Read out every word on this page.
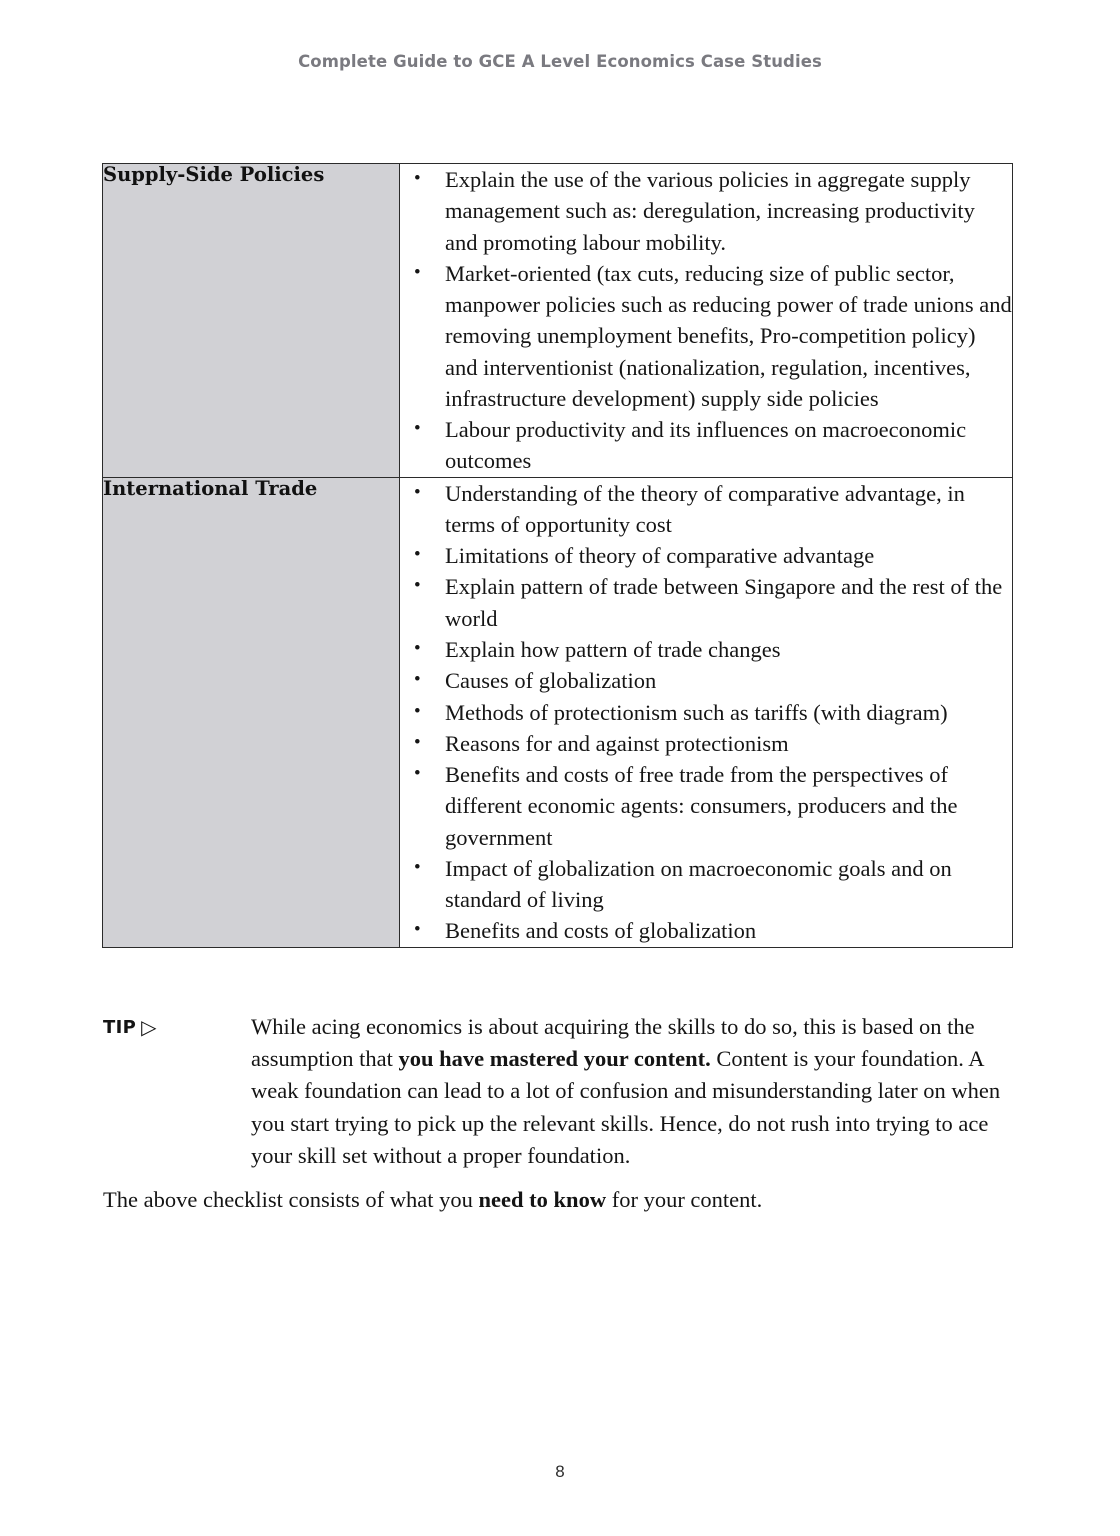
Complete Guide to GCE A Level Economics Case Studies
Supply-Side Policies

•Explain the use of the various policies in aggregate supply management such as: deregulation, increasing productivity and promoting labour mobility.
• Market-oriented (tax cuts, reducing size of public sector, manpower policies such as reducing power of trade unions and removing unemployment benefits, Pro-competition policy) and interventionist (nationalization, regulation, incentives, infrastructure development) supply side policies
• Labour productivity and its influences on macroeconomic outcomes

International Trade

•Understanding of the theory of comparative advantage, in terms of opportunity cost
• Limitations of theory of comparative advantage
• Explain pattern of trade between Singapore and the rest of the world
• Explain how pattern of trade changes
• Causes of globalization
• Methods of protectionism such as tariffs (with diagram)
• Reasons for and against protectionism
• Benefits and costs of free trade from the perspectives of different economic agents: consumers, producers and the government
• Impact of globalization on macroeconomic goals and on standard of living
• Benefits and costs of globalization
TIP ▷	While acing economics is about acquiring the skills to do so, this is based on the assumption that you have mastered your content. Content is your foundation. A weak foundation can lead to a lot of confusion and misunderstanding later on when you start trying to pick up the relevant skills. Hence, do not rush into trying to ace your skill set without a proper foundation.
The above checklist consists of what you need to know for your content.
8
